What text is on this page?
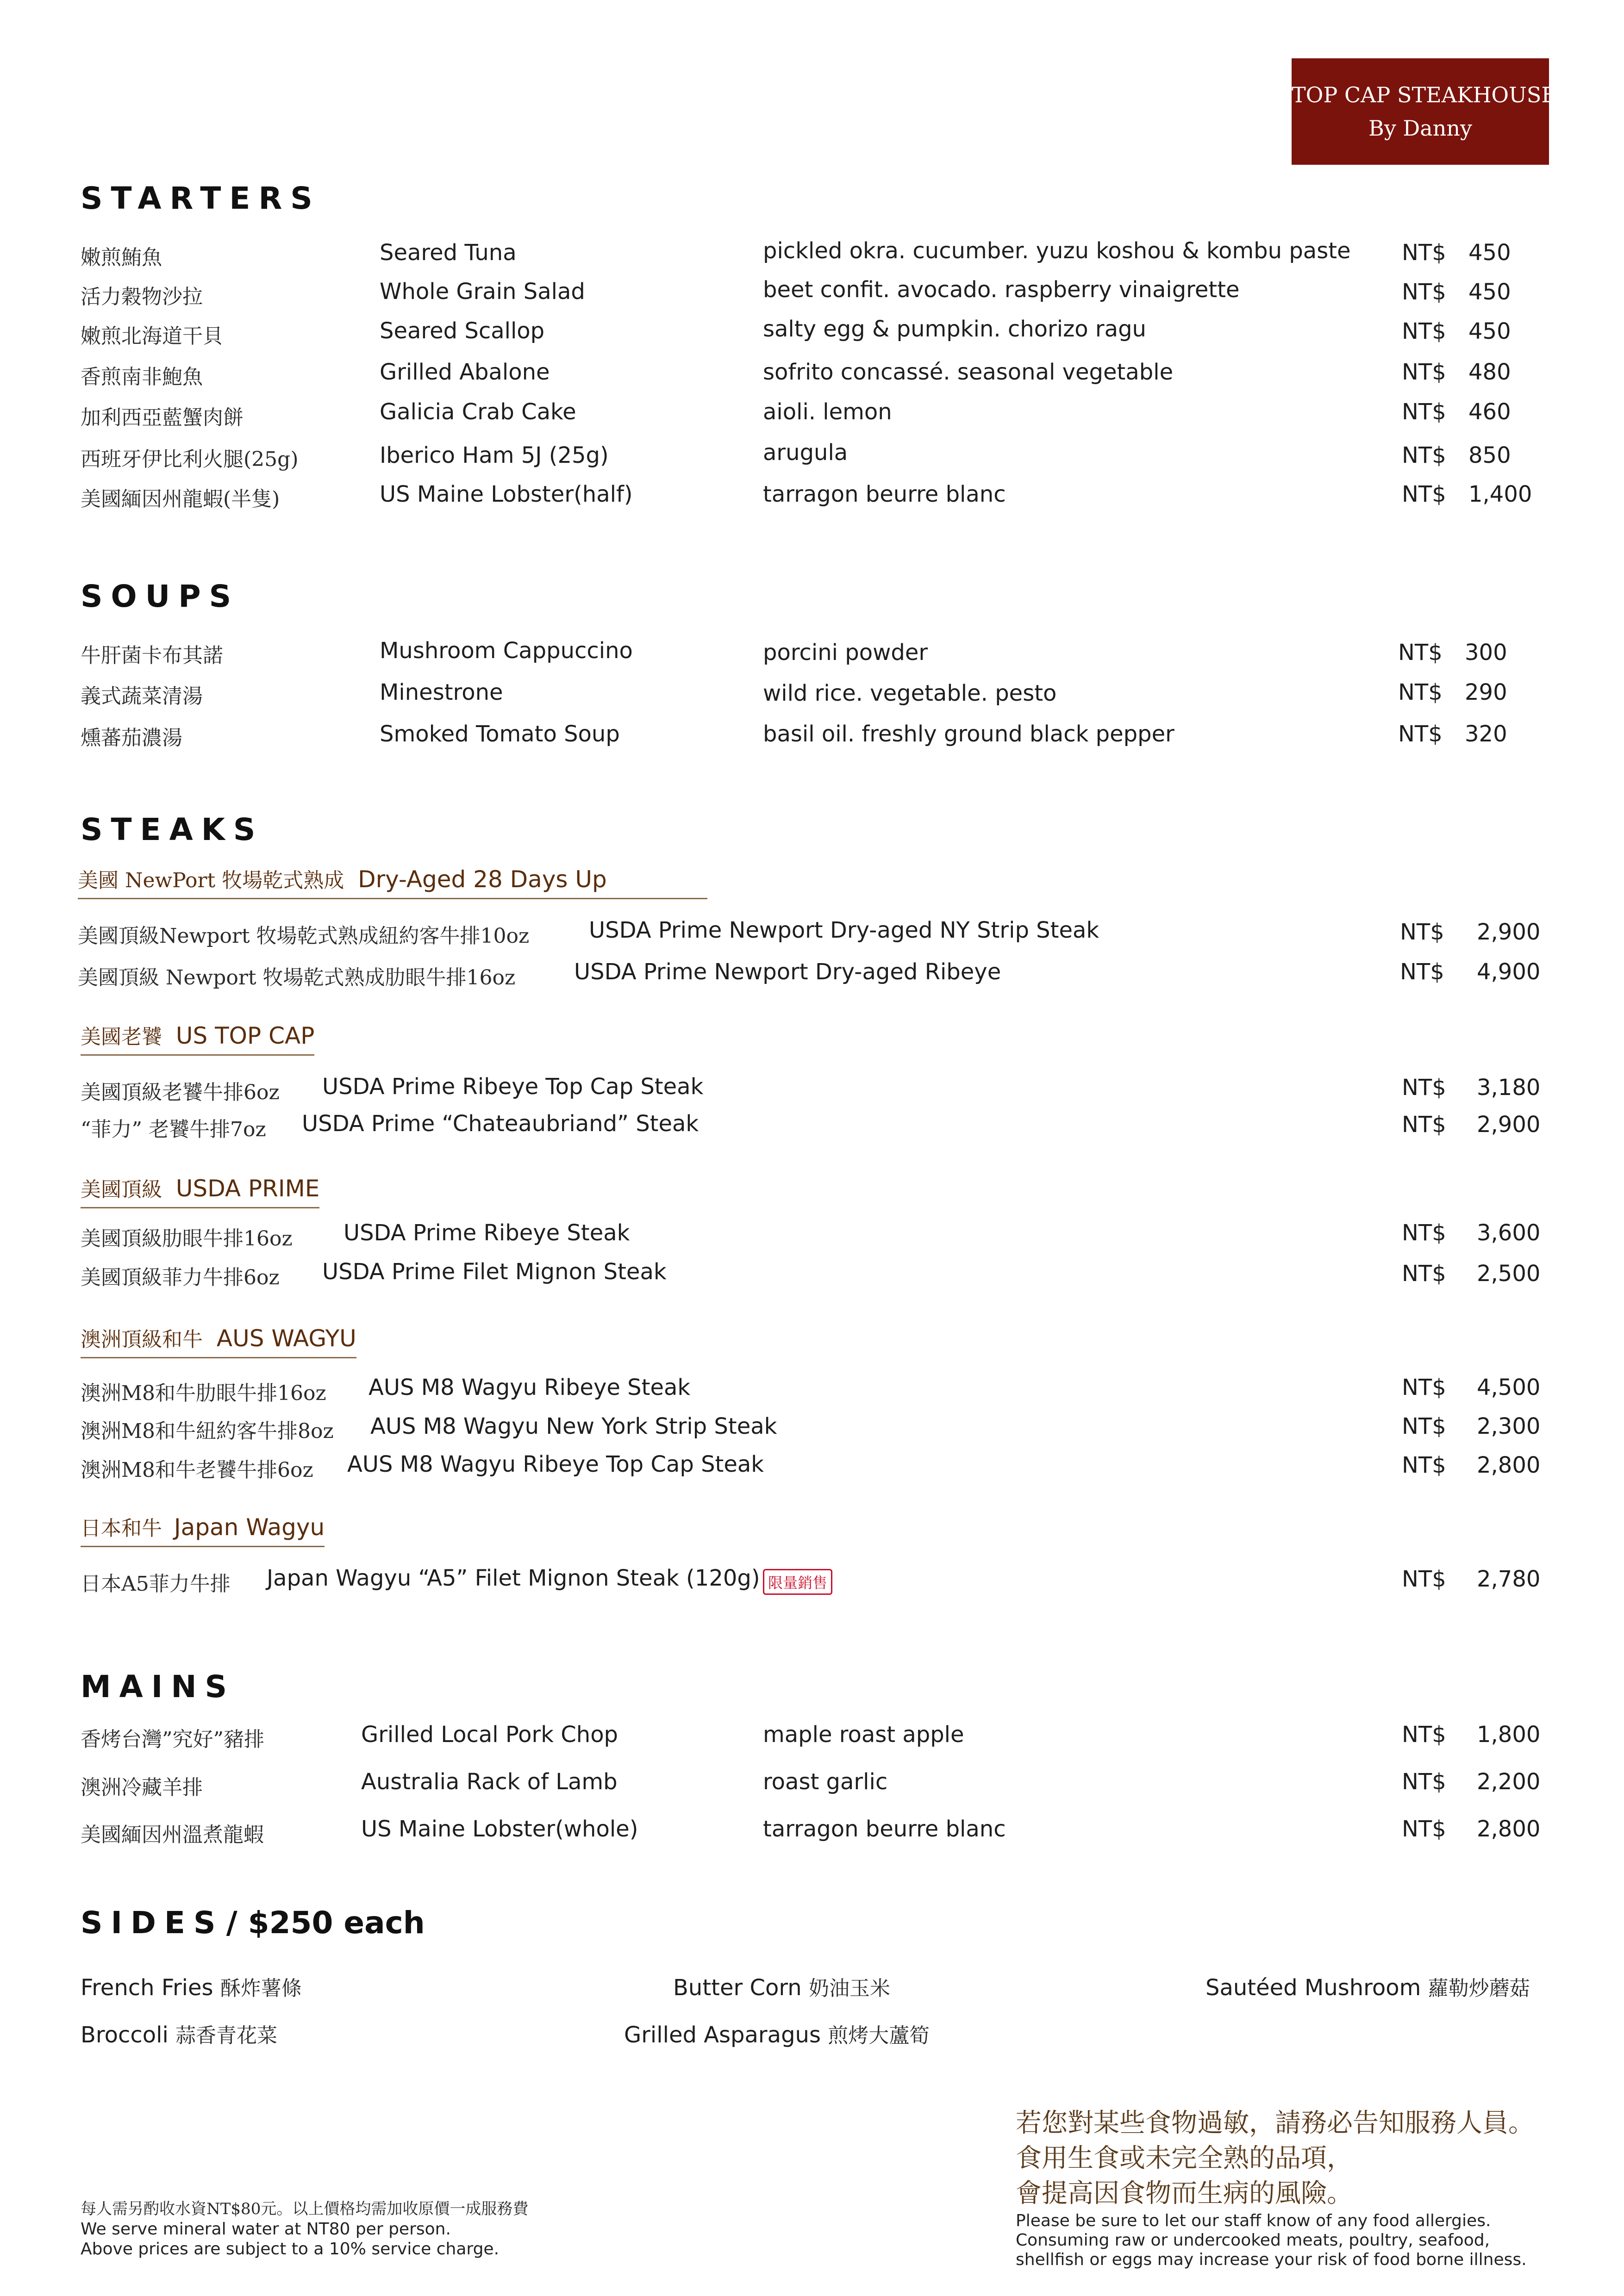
TOP CAP STEAKHOUSE
By Danny
STARTERS
嫩煎鮪魚	Seared Tuna	pickled okra. cucumber. yuzu koshou & kombu paste NT$ 450
活力穀物沙拉	Whole Grain Salad	beet confit. avocado. raspberry vinaigrette	NT$ 450
嫩煎北海道干貝	Seared Scallop	salty egg & pumpkin. chorizo ragu	NT$ 450
香煎南非鮑魚	Grilled Abalone	sofrito concassé. seasonal vegetable	NT$ 480
加利西亞藍蟹肉餅	Galicia Crab Cake	aioli. lemon	NT$ 460
西班牙伊比利火腿(25g)	Iberico Ham 5J (25g)	arugula	NT$ 850
美國緬因州龍蝦(半隻)	US Maine Lobster(half)	tarragon beurre blanc	NT$ 1,400
SOUPS
牛肝菌卡布其諾	Mushroom Cappuccino	porcini powder	NT$ 300
義式蔬菜清湯	Minestrone	wild rice. vegetable. pesto	NT$ 290
燻蕃茄濃湯	Smoked Tomato Soup	basil oil. freshly ground black pepper	NT$ 320
STEAKS
美國 NewPort 牧場乾式熟成 Dry-Aged 28 Days Up
美國頂級Newport 牧場乾式熟成紐約客牛排10oz	USDA Prime Newport Dry-aged NY Strip Steak	NT$ 2,900
美國頂級 Newport 牧場乾式熟成肋眼牛排16oz	USDA Prime Newport Dry-aged Ribeye	NT$ 4,900
美國老饕 US TOP CAP
美國頂級老饕牛排6oz USDA Prime Ribeye Top Cap Steak	NT$ 3,180
“菲力” 老饕牛排7oz USDA Prime “Chateaubriand” Steak	NT$ 2,900
美國頂級 USDA PRIME
美國頂級肋眼牛排16oz USDA Prime Ribeye Steak	NT$ 3,600
美國頂級菲力牛排6oz USDA Prime Filet Mignon Steak	NT$ 2,500
澳洲頂級和牛 AUS WAGYU
澳洲M8和牛肋眼牛排16oz AUS M8 Wagyu Ribeye Steak	NT$ 4,500
澳洲M8和牛紐約客牛排8oz AUS M8 Wagyu New York Strip Steak	NT$ 2,300
澳洲M8和牛老饕牛排6oz AUS M8 Wagyu Ribeye Top Cap Steak	NT$ 2,800
日本和牛 Japan Wagyu
日本A5菲力牛排 Japan Wagyu “A5” Filet Mignon Steak (120g) 限量銷售	NT$ 2,780
MAINS
香烤台灣”究好”豬排	Grilled Local Pork Chop	maple roast apple	NT$ 1,800
澳洲冷藏羊排	Australia Rack of Lamb	roast garlic	NT$ 2,200
美國緬因州溫煮龍蝦	US Maine Lobster(whole)	tarragon beurre blanc	NT$ 2,800
SIDES / $250 each
French Fries 酥炸薯條	Butter Corn 奶油玉米	Sautéed Mushroom 蘿勒炒蘑菇
Broccoli 蒜香青花菜	Grilled Asparagus 煎烤大蘆筍
每人需另酌收水資NT$80元。以上價格均需加收原價一成服務費
We serve mineral water at NT80 per person.
Above prices are subject to a 10% service charge.
若您對某些食物過敏，請務必告知服務人員。
食用生食或未完全熟的品項，
會提高因食物而生病的風險。
Please be sure to let our staff know of any food allergies.
Consuming raw or undercooked meats, poultry, seafood,
shellfish or eggs may increase your risk of food borne illness.
